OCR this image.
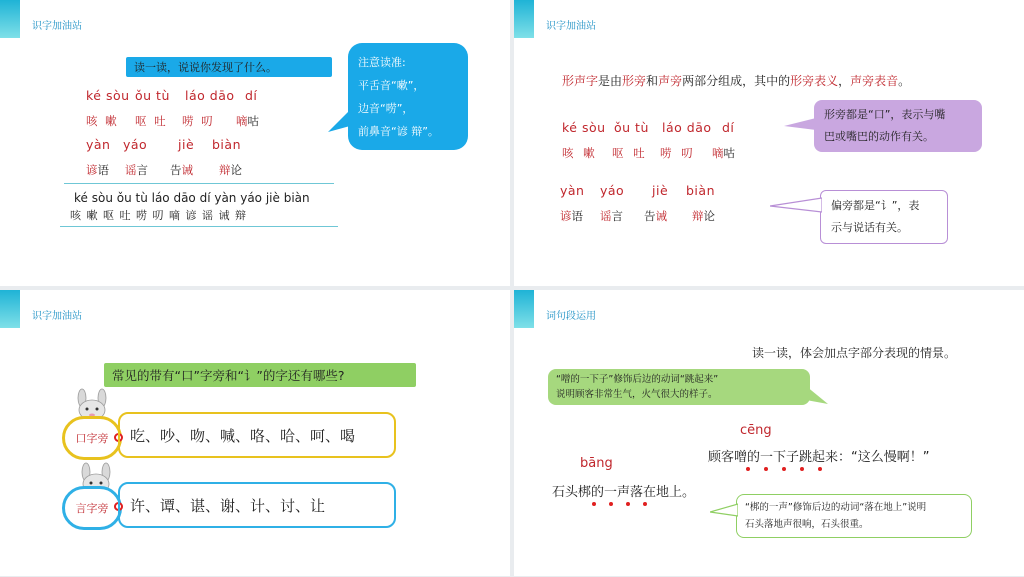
识字加油站
读一读，说说你发现了什么。	注意读准:
平舌音“嗽”，
边音“唠”，
前鼻音“谚 辩”。
ké sòu ǒu tù láo dāo dí
咳 嗽 呕 吐 唠 叨 嘀咕
yàn yáo jiè biàn
谚语 谣言 告诫 辩论
ké sòu ǒu tù láo dāo dí yàn yáo jiè biàn
咳 嗽 呕 吐 唠 叨 嘀 谚 谣 诫 辩
识字加油站
形声字是由形旁和声旁两部分组成，其中的形旁表义，声旁表音。
ké sòu ǒu tù láo dāo dí
咳 嗽 呕 吐 唠 叨 嘀咕
形旁都是“口”，表示与嘴
巴或嘴巴的动作有关。
yàn yáo jiè biàn
谚语 谣言 告诫 辩论
偏旁都是“讠”，表
示与说话有关。
识字加油站
常见的带有“口”字旁和“讠”的字还有哪些?
口字旁	吃、吵、吻、喊、咯、哈、呵、喝
言字旁	许、谭、谌、谢、计、讨、让
词句段运用
读一读，体会加点字部分表现的情景。
“噌的一下子”修饰后边的动词“跳起来”
说明顾客非常生气，火气很大的样子。
cēng
顾客噌的一下子跳起来：“这么慢啊！”
bāng
石头梆的一声落在地上。
“梆的一声”修饰后边的动词“落在地上”说明
石头落地声很响，石头很重。
